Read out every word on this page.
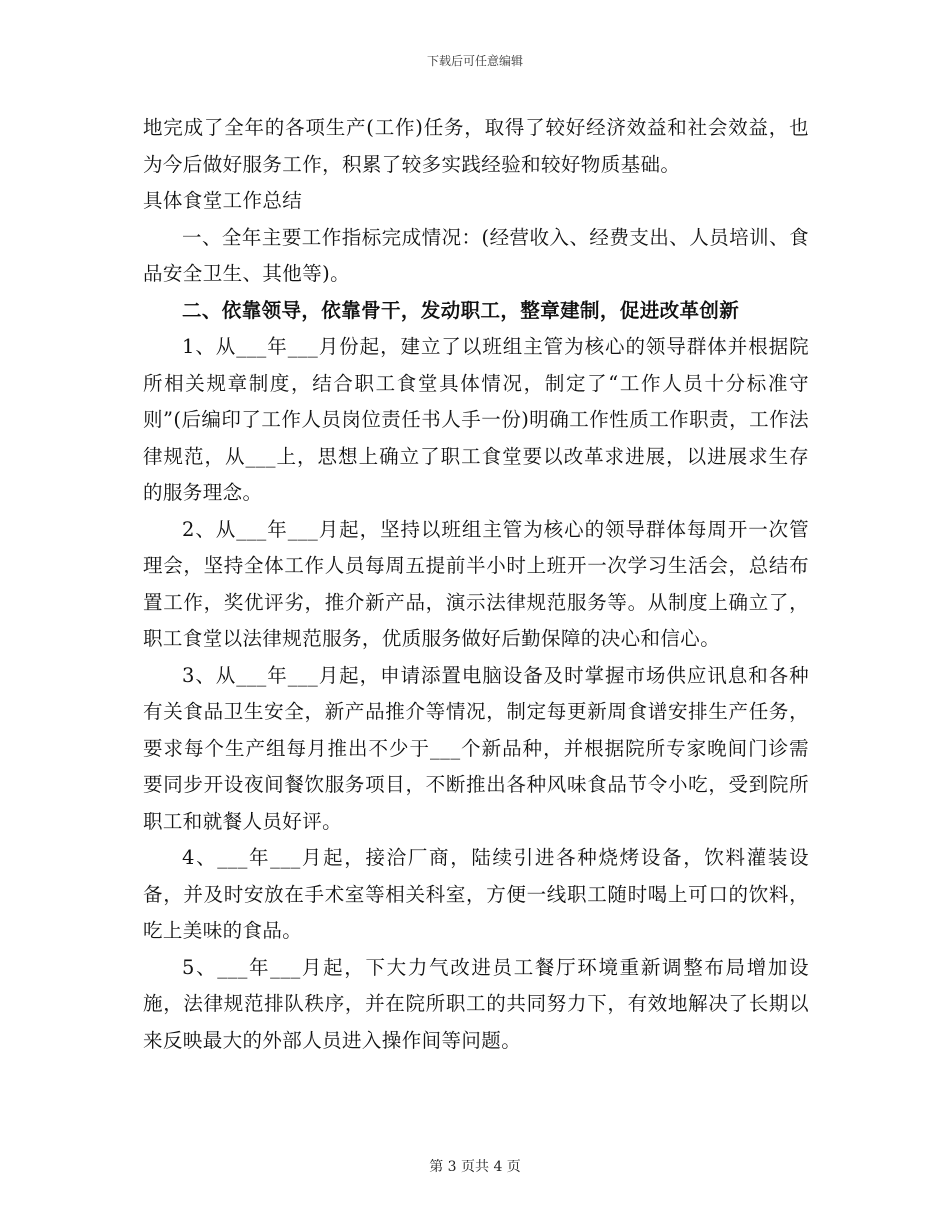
下载后可任意编辑

地完成了全年的各项生产(工作)任务，取得了较好经济效益和社会效益，也为今后做好服务工作，积累了较多实践经验和较好物质基础。

具体食堂工作总结

一、全年主要工作指标完成情况：(经营收入、经费支出、人员培训、食品安全卫生、其他等)。

二、依靠领导，依靠骨干，发动职工，整章建制，促进改革创新

1、从___年___月份起，建立了以班组主管为核心的领导群体并根据院所相关规章制度，结合职工食堂具体情况，制定了“工作人员十分标准守则”(后编印了工作人员岗位责任书人手一份)明确工作性质工作职责，工作法律规范，从___上，思想上确立了职工食堂要以改革求进展，以进展求生存的服务理念。

2、从___年___月起，坚持以班组主管为核心的领导群体每周开一次管理会，坚持全体工作人员每周五提前半小时上班开一次学习生活会，总结布置工作，奖优评劣，推介新产品，演示法律规范服务等。从制度上确立了，职工食堂以法律规范服务，优质服务做好后勤保障的决心和信心。

3、从___年___月起，申请添置电脑设备及时掌握市场供应讯息和各种有关食品卫生安全，新产品推介等情况，制定每更新周食谱安排生产任务，要求每个生产组每月推出不少于___个新品种，并根据院所专家晚间门诊需要同步开设夜间餐饮服务项目，不断推出各种风味食品节令小吃，受到院所职工和就餐人员好评。

4、___年___月起，接洽厂商，陆续引进各种烧烤设备，饮料灌装设备，并及时安放在手术室等相关科室，方便一线职工随时喝上可口的饮料，吃上美味的食品。

5、___年___月起，下大力气改进员工餐厅环境重新调整布局增加设施，法律规范排队秩序，并在院所职工的共同努力下，有效地解决了长期以来反映最大的外部人员进入操作间等问题。

第 3 页共 4 页
